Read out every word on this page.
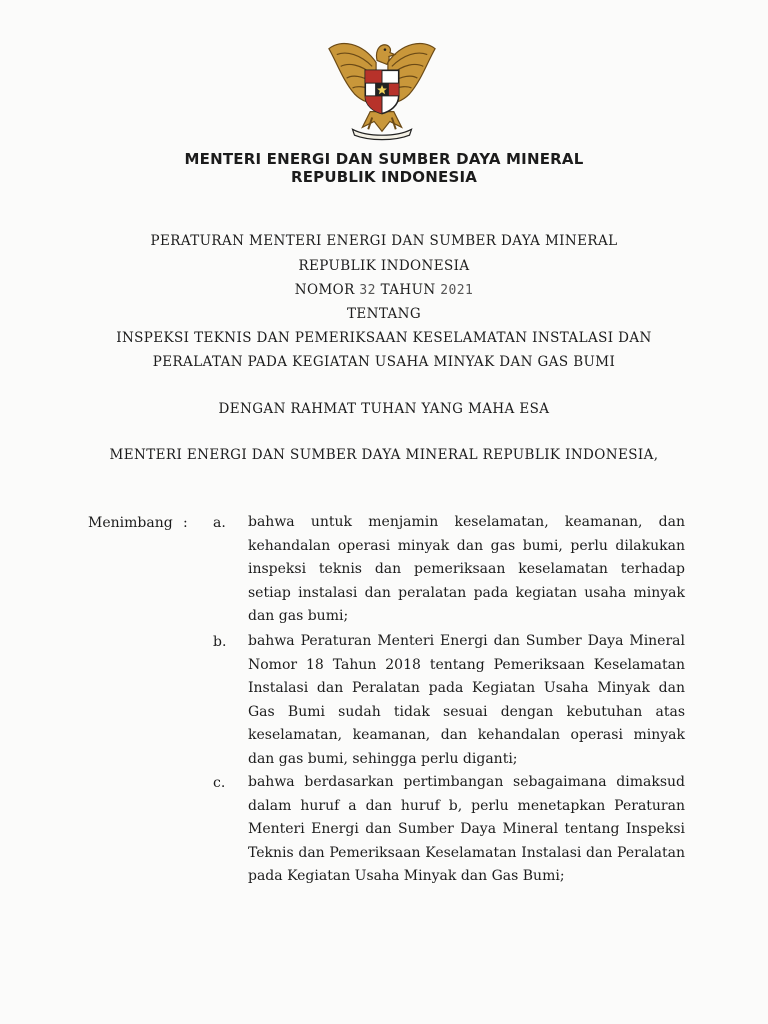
MENTERI ENERGI DAN SUMBER DAYA MINERAL
REPUBLIK INDONESIA
PERATURAN MENTERI ENERGI DAN SUMBER DAYA MINERAL
REPUBLIK INDONESIA
NOMOR 32 TAHUN 2021
TENTANG
INSPEKSI TEKNIS DAN PEMERIKSAAN KESELAMATAN INSTALASI DAN
PERALATAN PADA KEGIATAN USAHA MINYAK DAN GAS BUMI
DENGAN RAHMAT TUHAN YANG MAHA ESA
MENTERI ENERGI DAN SUMBER DAYA MINERAL REPUBLIK INDONESIA,
Menimbang : a. bahwa untuk menjamin keselamatan, keamanan, dan kehandalan operasi minyak dan gas bumi, perlu dilakukan inspeksi teknis dan pemeriksaan keselamatan terhadap setiap instalasi dan peralatan pada kegiatan usaha minyak dan gas bumi;
b. bahwa Peraturan Menteri Energi dan Sumber Daya Mineral Nomor 18 Tahun 2018 tentang Pemeriksaan Keselamatan Instalasi dan Peralatan pada Kegiatan Usaha Minyak dan Gas Bumi sudah tidak sesuai dengan kebutuhan atas keselamatan, keamanan, dan kehandalan operasi minyak dan gas bumi, sehingga perlu diganti;
c. bahwa berdasarkan pertimbangan sebagaimana dimaksud dalam huruf a dan huruf b, perlu menetapkan Peraturan Menteri Energi dan Sumber Daya Mineral tentang Inspeksi Teknis dan Pemeriksaan Keselamatan Instalasi dan Peralatan pada Kegiatan Usaha Minyak dan Gas Bumi;
